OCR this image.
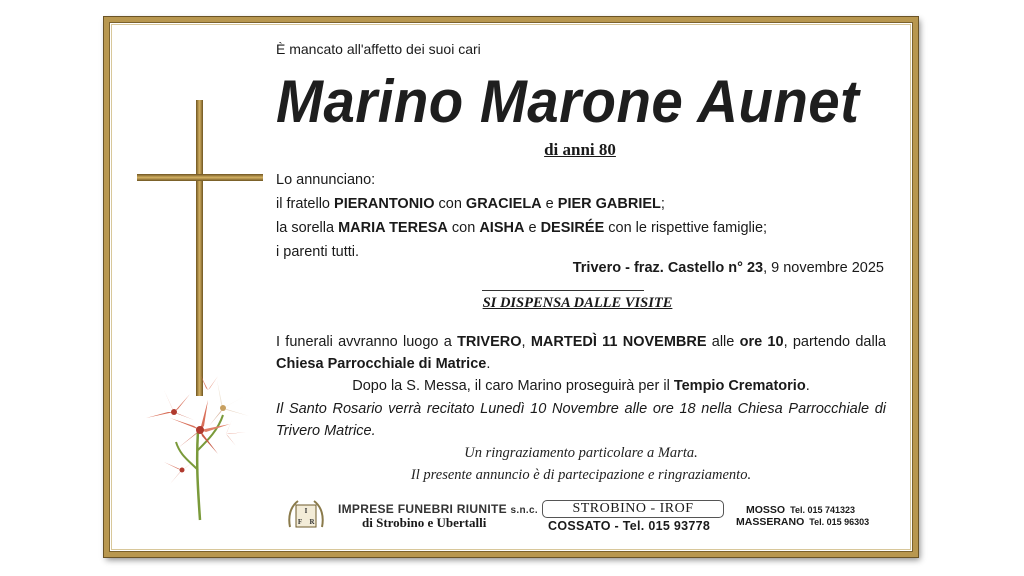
È mancato all'affetto dei suoi cari
Marino Marone Aunet
di anni 80
Lo annunciano:
il fratello PIERANTONIO con GRACIELA e PIER GABRIEL;
la sorella MARIA TERESA con AISHA e DESIRÉE con le rispettive famiglie;
i parenti tutti.
Trivero - fraz. Castello n° 23, 9 novembre 2025
SI DISPENSA DALLE VISITE
I funerali avvranno luogo a TRIVERO, MARTEDÌ 11 NOVEMBRE alle ore 10, partendo dalla Chiesa Parrocchiale di Matrice.
Dopo la S. Messa, il caro Marino proseguirà per il Tempio Crematorio.
Il Santo Rosario verrà recitato Lunedì 10 Novembre alle ore 18 nella Chiesa Parrocchiale di Trivero Matrice.
Un ringraziamento particolare a Marta.
Il presente annuncio è di partecipazione e ringraziamento.
I
F R
IMPRESE FUNEBRI RIUNITE s.n.c.
di Strobino e Ubertalli
STROBINO - IROF
COSSATO - Tel. 015 93778
MOSSO Tel. 015 741323
MASSERANO Tel. 015 96303
